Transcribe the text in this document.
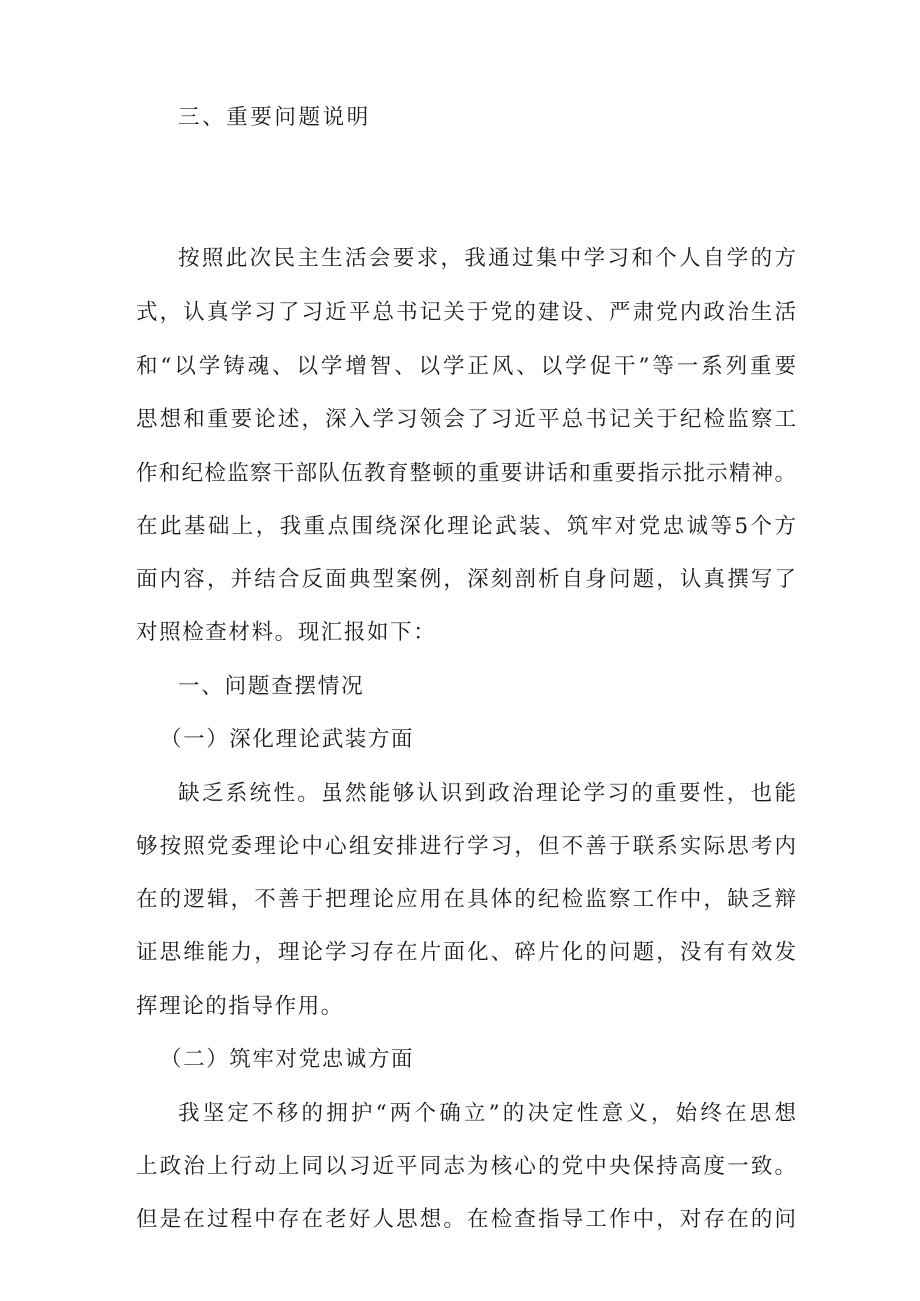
三、重要问题说明

按照此次民主生活会要求，我通过集中学习和个人自学的方

式，认真学习了习近平总书记关于党的建设、严肃党内政治生活

和“以学铸魂、以学增智、以学正风、以学促干”等一系列重要

思想和重要论述，深入学习领会了习近平总书记关于纪检监察工

作和纪检监察干部队伍教育整顿的重要讲话和重要指示批示精神。

在此基础上，我重点围绕深化理论武装、筑牢对党忠诚等5个方

面内容，并结合反面典型案例，深刻剖析自身问题，认真撰写了

对照检查材料。现汇报如下：

一、问题查摆情况

（一）深化理论武装方面

缺乏系统性。虽然能够认识到政治理论学习的重要性，也能

够按照党委理论中心组安排进行学习，但不善于联系实际思考内

在的逻辑，不善于把理论应用在具体的纪检监察工作中，缺乏辩

证思维能力，理论学习存在片面化、碎片化的问题，没有有效发

挥理论的指导作用。

（二）筑牢对党忠诚方面

我坚定不移的拥护“两个确立”的决定性意义，始终在思想

上政治上行动上同以习近平同志为核心的党中央保持高度一致。

但是在过程中存在老好人思想。在检查指导工作中，对存在的问
